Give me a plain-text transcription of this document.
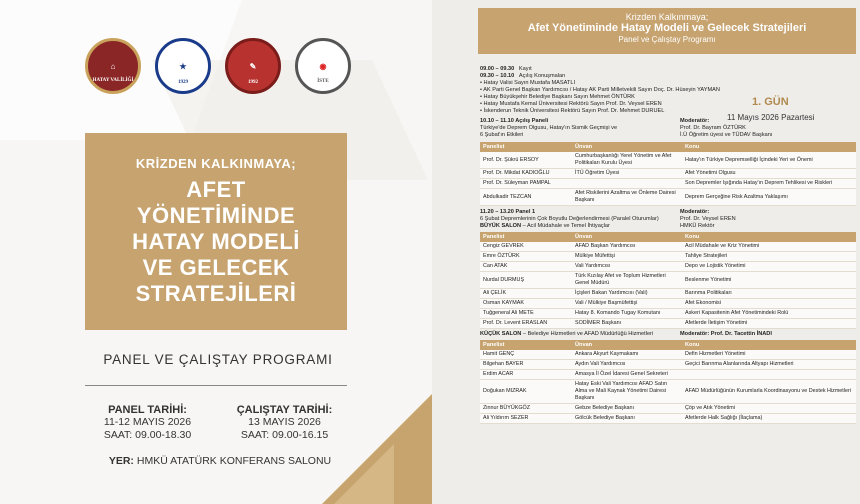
HATAY VALİLİĞİ
⌂	★
1929
✎
1992
◉
İSTE
KRİZDEN KALKINMAYA;
AFET
YÖNETİMİNDE
HATAY MODELİ
VE GELECEK
STRATEJİLERİ
PANEL VE ÇALIŞTAY PROGRAMI
PANEL TARİHİ:
11-12 MAYIS 2026
SAAT: 09.00-18.30
ÇALIŞTAY TARİHİ:
13 MAYIS 2026
SAAT: 09.00-16.15
YER: HMKÜ ATATÜRK KONFERANS SALONU
Krizden Kalkınmaya;
Afet Yönetiminde Hatay Modeli ve Gelecek Stratejileri
Panel ve Çalıştay Programı
1. GÜN
11 Mayıs 2026 Pazartesi
09.00 – 09.30 Kayıt
09.30 – 10.10 Açılış Konuşmaları
• Hatay Valisi Sayın Mustafa MASATLI
• AK Parti Genel Başkan Yardımcısı / Hatay AK Parti Milletvekili Sayın Doç. Dr. Hüseyin YAYMAN
• Hatay Büyükşehir Belediye Başkanı Sayın Mehmet ÖNTÜRK
• Hatay Mustafa Kemal Üniversitesi Rektörü Sayın Prof. Dr. Veysel EREN
• İskenderun Teknik Üniversitesi Rektörü Sayın Prof. Dr. Mehmet DURUEL
10.10 – 11.10 Açılış Paneli
Türkiye'de Deprem Olgusu, Hatay'ın Sismik Geçmişi ve
6 Şubat'ın Etkileri
Moderatör:
Prof. Dr. Bayram ÖZTÜRK
İ.Ü Öğretim üyesi ve TÜDAV Başkanı
Panelist	Ünvan	Konu
Prof. Dr. Şükrü ERSOY	Cumhurbaşkanlığı Yerel Yönetim ve Afet Politikaları Kurulu Üyesi	Hatay'ın Türkiye Depremselliği İçindeki Yeri ve Önemi
Prof. Dr. Mikdat KADIOĞLU	İTÜ Öğretim Üyesi	Afet Yönetimi Olgusu
Prof. Dr. Süleyman PAMPAL		Son Depremler Işığında Hatay'ın Deprem Tehlikesi ve Riskleri
Abdulkadir TEZCAN	Afet Riskilerini Azaltma ve Önleme Dairesi Başkanı	Deprem Gerçeğine Risk Azaltma Yaklaşımı
11.20 – 13.20 Panel 1
6 Şubat Depremlerinin Çok Boyutlu Değerlendirmesi (Paralel Oturumlar)
BÜYÜK SALON – Acil Müdahale ve Temel İhtiyaçlar
Moderatör:
Prof. Dr. Veysel EREN
HMKÜ Rektör
Panelist	Ünvan	Konu
Cengiz GEVREK	AFAD Başkan Yardımcısı	Acil Müdahale ve Kriz Yönetimi
Emre ÖZTÜRK	Mülkiye Müfettişi	Tahliye Stratejileri
Can ATAK	Vali Yardımcısı	Depo ve Lojistik Yönetimi
Nurdal DURMUŞ	Türk Kızılay Afet ve Toplum Hizmetleri Genel Müdürü	Beslenme Yönetimi
Ali ÇELİK	İçişleri Bakan Yardımcısı (Vali)	Barınma Politikaları
Osman KAYMAK	Vali / Mülkiye Başmüfettişi	Afet Ekonomisi
Tuğgeneral Ali METE	Hatay 8. Komando Tugay Komutanı	Askeri Kapasitenin Afet Yönetimindeki Rolü
Prof. Dr. Levent ERASLAN	SODİMER Başkanı	Afetlerde İletişim Yönetimi
KÜÇÜK SALON – Belediye Hizmetleri ve AFAD Müdürlüğü Hizmetleri	Moderatör: Prof. Dr. Tacettin İNADI
Panelist	Ünvan	Konu
Hamit GENÇ	Ankara Akyurt Kaymakamı	Defin Hizmetleri Yönetimi
Bilgehan BAYER	Aydın Vali Yardımcısı	Geçici Barınma Alanlarında Altyapı Hizmetleri
Erdim ACAR	Amasya İl Özel İdaresi Genel Sekreteri	
Doğukan MIZRAK	Hatay Eski Vali Yardımcısı AFAD Satın Alma ve Mali Kaynak Yönetimi Dairesi Başkanı	AFAD Müdürlüğünün Kurumlarla Koordinasyonu ve Destek Hizmetleri
Zinnur BÜYÜKGÖZ	Gebze Belediye Başkanı	Çöp ve Atık Yönetimi
Ali Yıldırım SEZER	Gölcük Belediye Başkanı	Afetlerde Halk Sağlığı (İlaçlama)
